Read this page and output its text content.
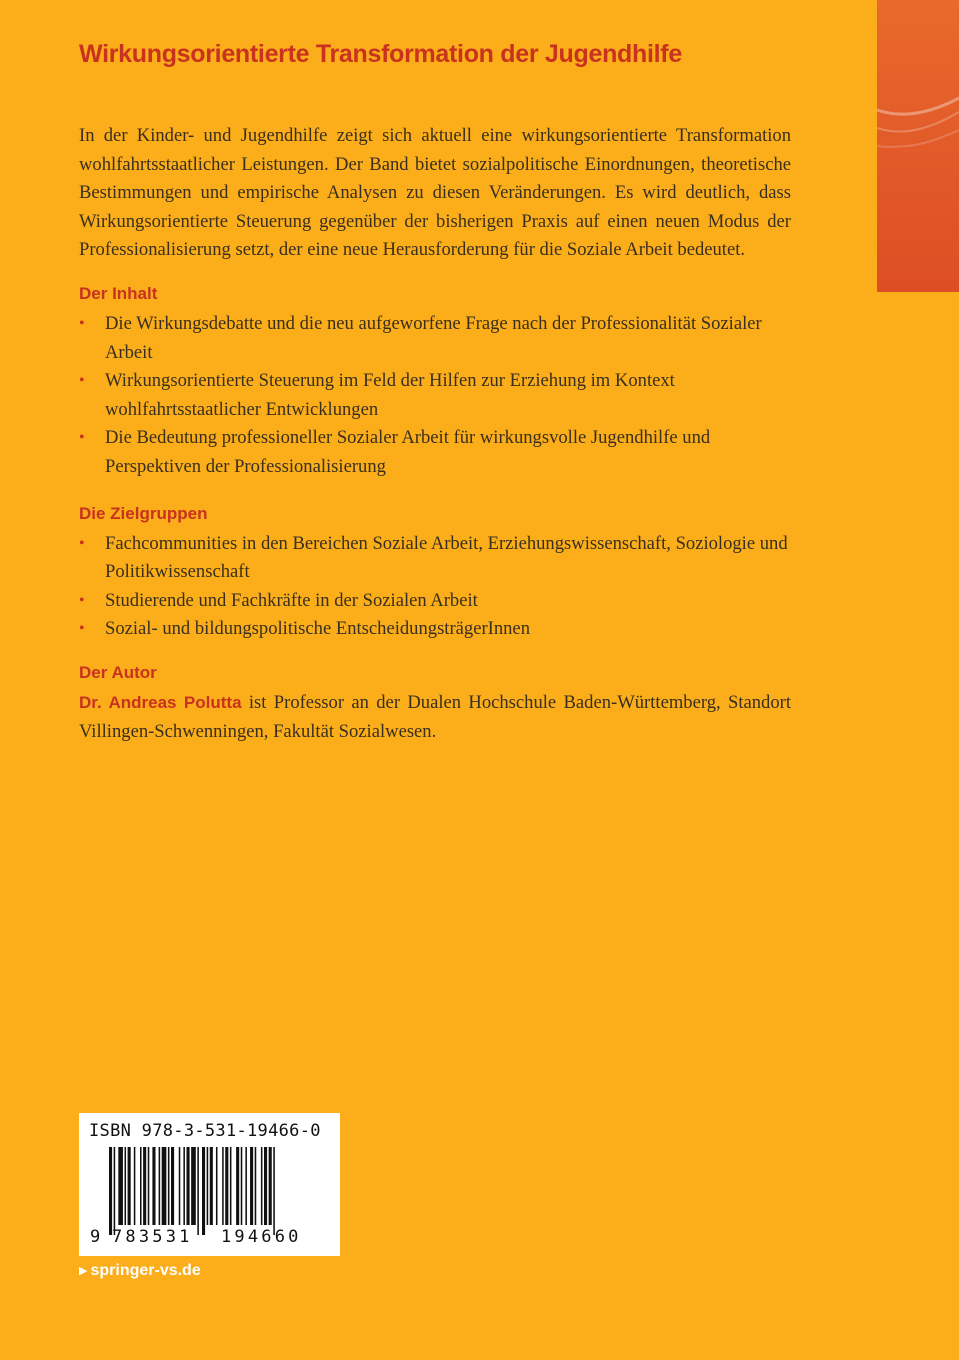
Wirkungsorientierte Transformation der Jugendhilfe

In der Kinder- und Jugendhilfe zeigt sich aktuell eine wirkungsorientierte Transformation wohlfahrtsstaatlicher Leistungen. Der Band bietet sozialpolitische Einordnungen, theoretische Bestimmungen und empirische Analysen zu diesen Veränderungen. Es wird deutlich, dass Wirkungsorientierte Steuerung gegenüber der bisherigen Praxis auf einen neuen Modus der Professionalisierung setzt, der eine neue Herausforderung für die Soziale Arbeit bedeutet.

Der Inhalt
• Die Wirkungsdebatte und die neu aufgeworfene Frage nach der Professionalität Sozialer Arbeit
• Wirkungsorientierte Steuerung im Feld der Hilfen zur Erziehung im Kontext wohlfahrtsstaatlicher Entwicklungen
• Die Bedeutung professioneller Sozialer Arbeit für wirkungsvolle Jugendhilfe und Perspektiven der Professionalisierung
Die Zielgruppen
• Fachcommunities in den Bereichen Soziale Arbeit, Erziehungswissenschaft, Soziologie und Politikwissenschaft
• Studierende und Fachkräfte in der Sozialen Arbeit
• Sozial- und bildungspolitische EntscheidungsträgerInnen
Der Autor

Dr. Andreas Polutta ist Professor an der Dualen Hochschule Baden-Württemberg, Standort Villingen-Schwenningen, Fakultät Sozialwesen.

ISBN 978-3-531-19466-0
9 783531 194660
▶ springer-vs.de
